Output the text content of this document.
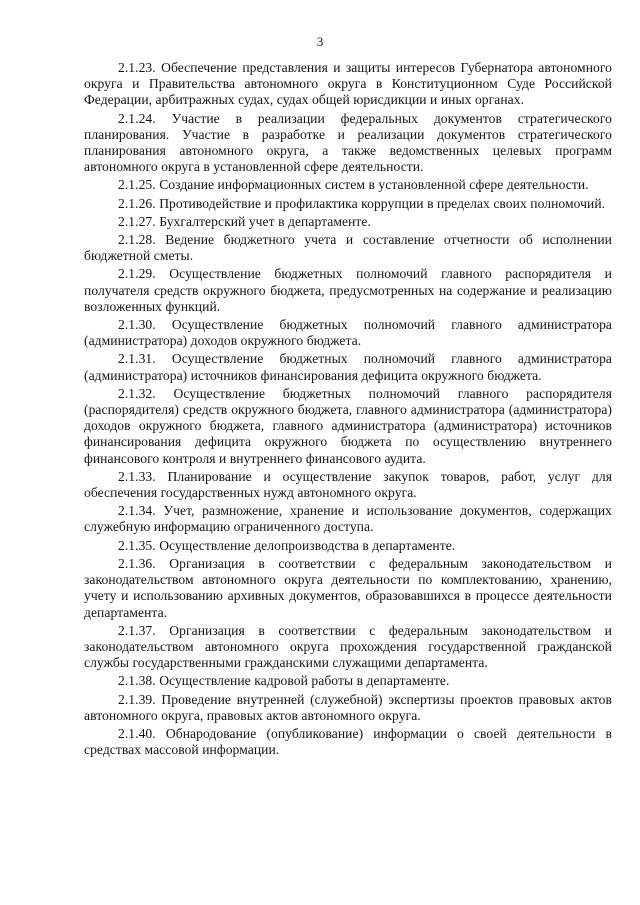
3

2.1.23. Обеспечение представления и защиты интересов Губернатора автономного округа и Правительства автономного округа в Конституционном Суде Российской Федерации, арбитражных судах, судах общей юрисдикции и иных органах.

2.1.24. Участие в реализации федеральных документов стратегического планирования. Участие в разработке и реализации документов стратегического планирования автономного округа, а также ведомственных целевых программ автономного округа в установленной сфере деятельности.

2.1.25. Создание информационных систем в установленной сфере деятельности.

2.1.26. Противодействие и профилактика коррупции в пределах своих полномочий.

2.1.27. Бухгалтерский учет в департаменте.

2.1.28. Ведение бюджетного учета и составление отчетности об исполнении бюджетной сметы.

2.1.29. Осуществление бюджетных полномочий главного распорядителя и получателя средств окружного бюджета, предусмотренных на содержание и реализацию возложенных функций.

2.1.30. Осуществление бюджетных полномочий главного администратора (администратора) доходов окружного бюджета.

2.1.31. Осуществление бюджетных полномочий главного администратора (администратора) источников финансирования дефицита окружного бюджета.

2.1.32. Осуществление бюджетных полномочий главного распорядителя (распорядителя) средств окружного бюджета, главного администратора (администратора) доходов окружного бюджета, главного администратора (администратора) источников финансирования дефицита окружного бюджета по осуществлению внутреннего финансового контроля и внутреннего финансового аудита.

2.1.33. Планирование и осуществление закупок товаров, работ, услуг для обеспечения государственных нужд автономного округа.

2.1.34. Учет, размножение, хранение и использование документов, содержащих служебную информацию ограниченного доступа.

2.1.35. Осуществление делопроизводства в департаменте.

2.1.36. Организация в соответствии с федеральным законодательством и законодательством автономного округа деятельности по комплектованию, хранению, учету и использованию архивных документов, образовавшихся в процессе деятельности департамента.

2.1.37. Организация в соответствии с федеральным законодательством и законодательством автономного округа прохождения государственной гражданской службы государственными гражданскими служащими департамента.

2.1.38. Осуществление кадровой работы в департаменте.

2.1.39. Проведение внутренней (служебной) экспертизы проектов правовых актов автономного округа, правовых актов автономного округа.

2.1.40. Обнародование (опубликование) информации о своей деятельности в средствах массовой информации.
